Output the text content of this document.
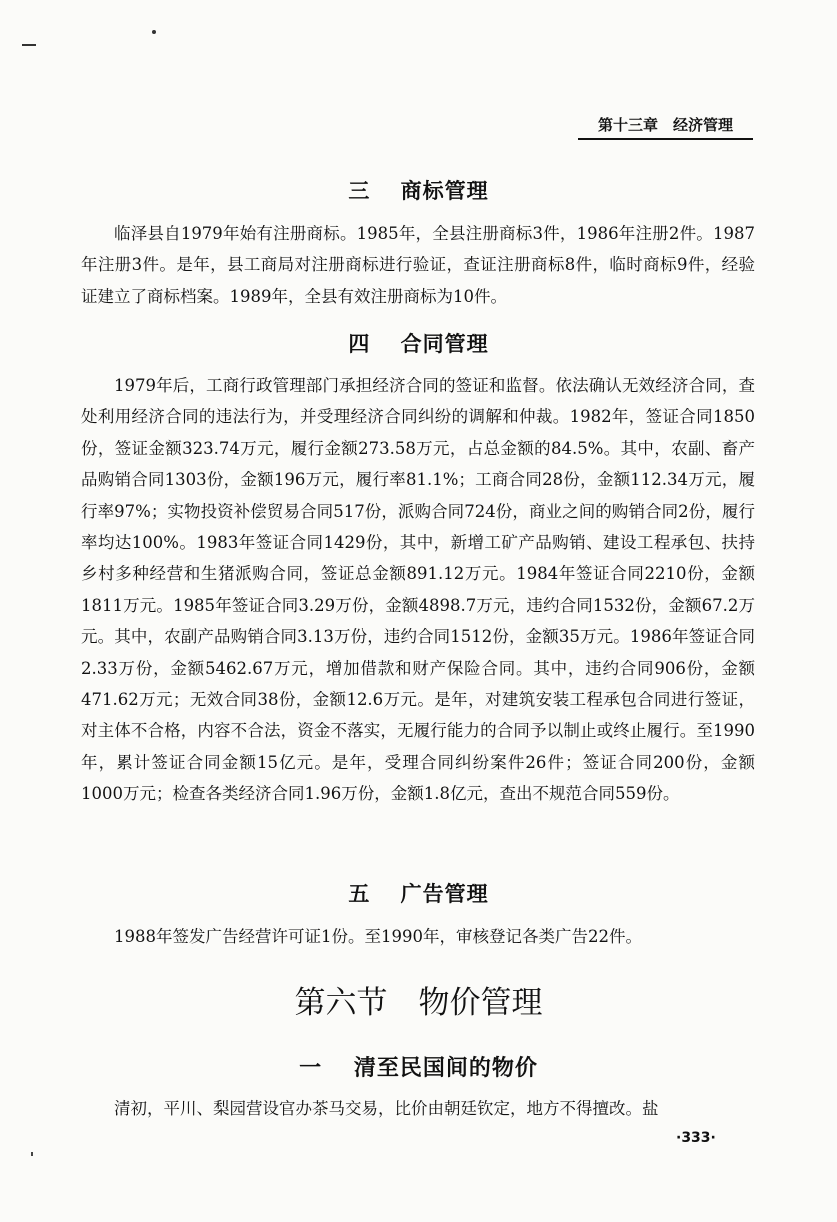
第十三章　经济管理
三　 商标管理

临泽县自1979年始有注册商标。1985年，全县注册商标3件，1986年注册2件。1987年注册3件。是年，县工商局对注册商标进行验证，查证注册商标8件，临时商标9件，经验证建立了商标档案。1989年，全县有效注册商标为10件。

四　 合同管理

1979年后，工商行政管理部门承担经济合同的签证和监督。依法确认无效经济合同，查处利用经济合同的违法行为，并受理经济合同纠纷的调解和仲裁。1982年，签证合同1850份，签证金额323.74万元，履行金额273.58万元，占总金额的84.5%。其中，农副、畜产品购销合同1303份，金额196万元，履行率81.1%；工商合同28份，金额112.34万元，履行率97%；实物投资补偿贸易合同517份，派购合同724份，商业之间的购销合同2份，履行率均达100%。1983年签证合同1429份，其中，新增工矿产品购销、建设工程承包、扶持乡村多种经营和生猪派购合同，签证总金额891.12万元。1984年签证合同2210份，金额1811万元。1985年签证合同3.29万份，金额4898.7万元，违约合同1532份，金额67.2万元。其中，农副产品购销合同3.13万份，违约合同1512份，金额35万元。1986年签证合同2.33万份，金额5462.67万元，增加借款和财产保险合同。其中，违约合同906份，金额471.62万元；无效合同38份，金额12.6万元。是年，对建筑安装工程承包合同进行签证，对主体不合格，内容不合法，资金不落实，无履行能力的合同予以制止或终止履行。至1990年，累计签证合同金额15亿元。是年，受理合同纠纷案件26件；签证合同200份，金额1000万元；检查各类经济合同1.96万份，金额1.8亿元，查出不规范合同559份。

五　 广告管理

1988年签发广告经营许可证1份。至1990年，审核登记各类广告22件。

第六节　物价管理
一　 清至民国间的物价

清初，平川、梨园营设官办茶马交易，比价由朝廷钦定，地方不得擅改。盐

·333·
